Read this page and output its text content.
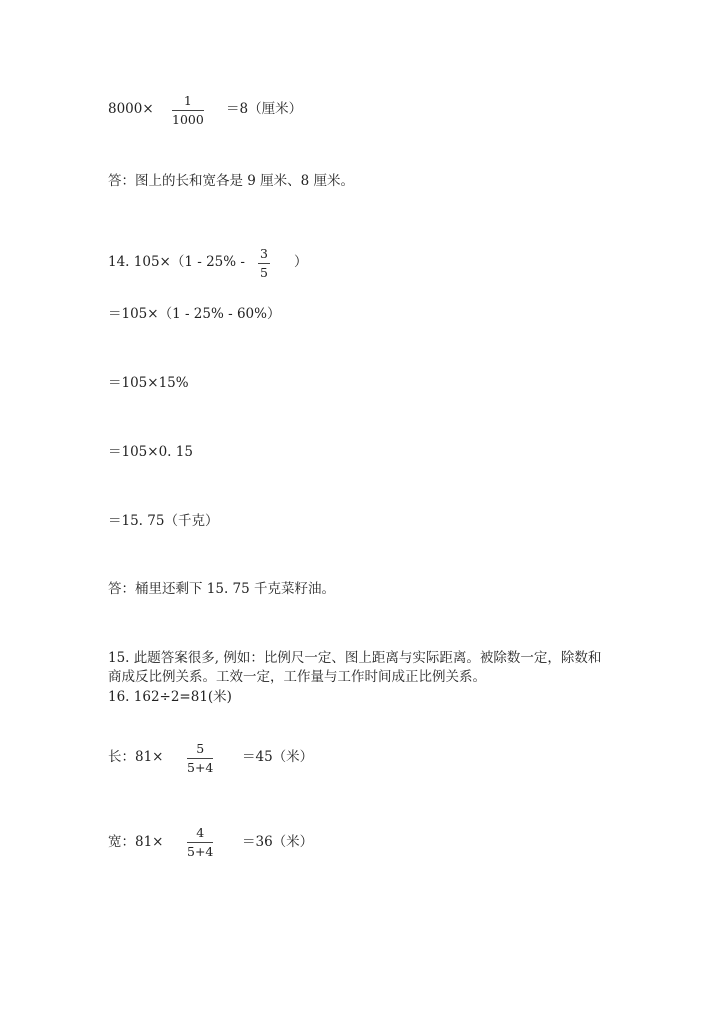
8000×
1
1000
＝8（厘米）
答：图上的长和宽各是 9 厘米、8 厘米。
14. 105×（1 - 25% -
3
5
）
＝105×（1 - 25% - 60%）
＝105×15%
＝105×0. 15
＝15. 75（千克）
答：桶里还剩下 15. 75 千克菜籽油。
15. 此题答案很多, 例如：比例尺一定、图上距离与实际距离。被除数一定，除数和商成反比例关系。工效一定，工作量与工作时间成正比例关系。
16. 162÷2=81(米)
长：81×
5
5+4
＝45（米）
宽：81×
4
5+4
＝36（米）
